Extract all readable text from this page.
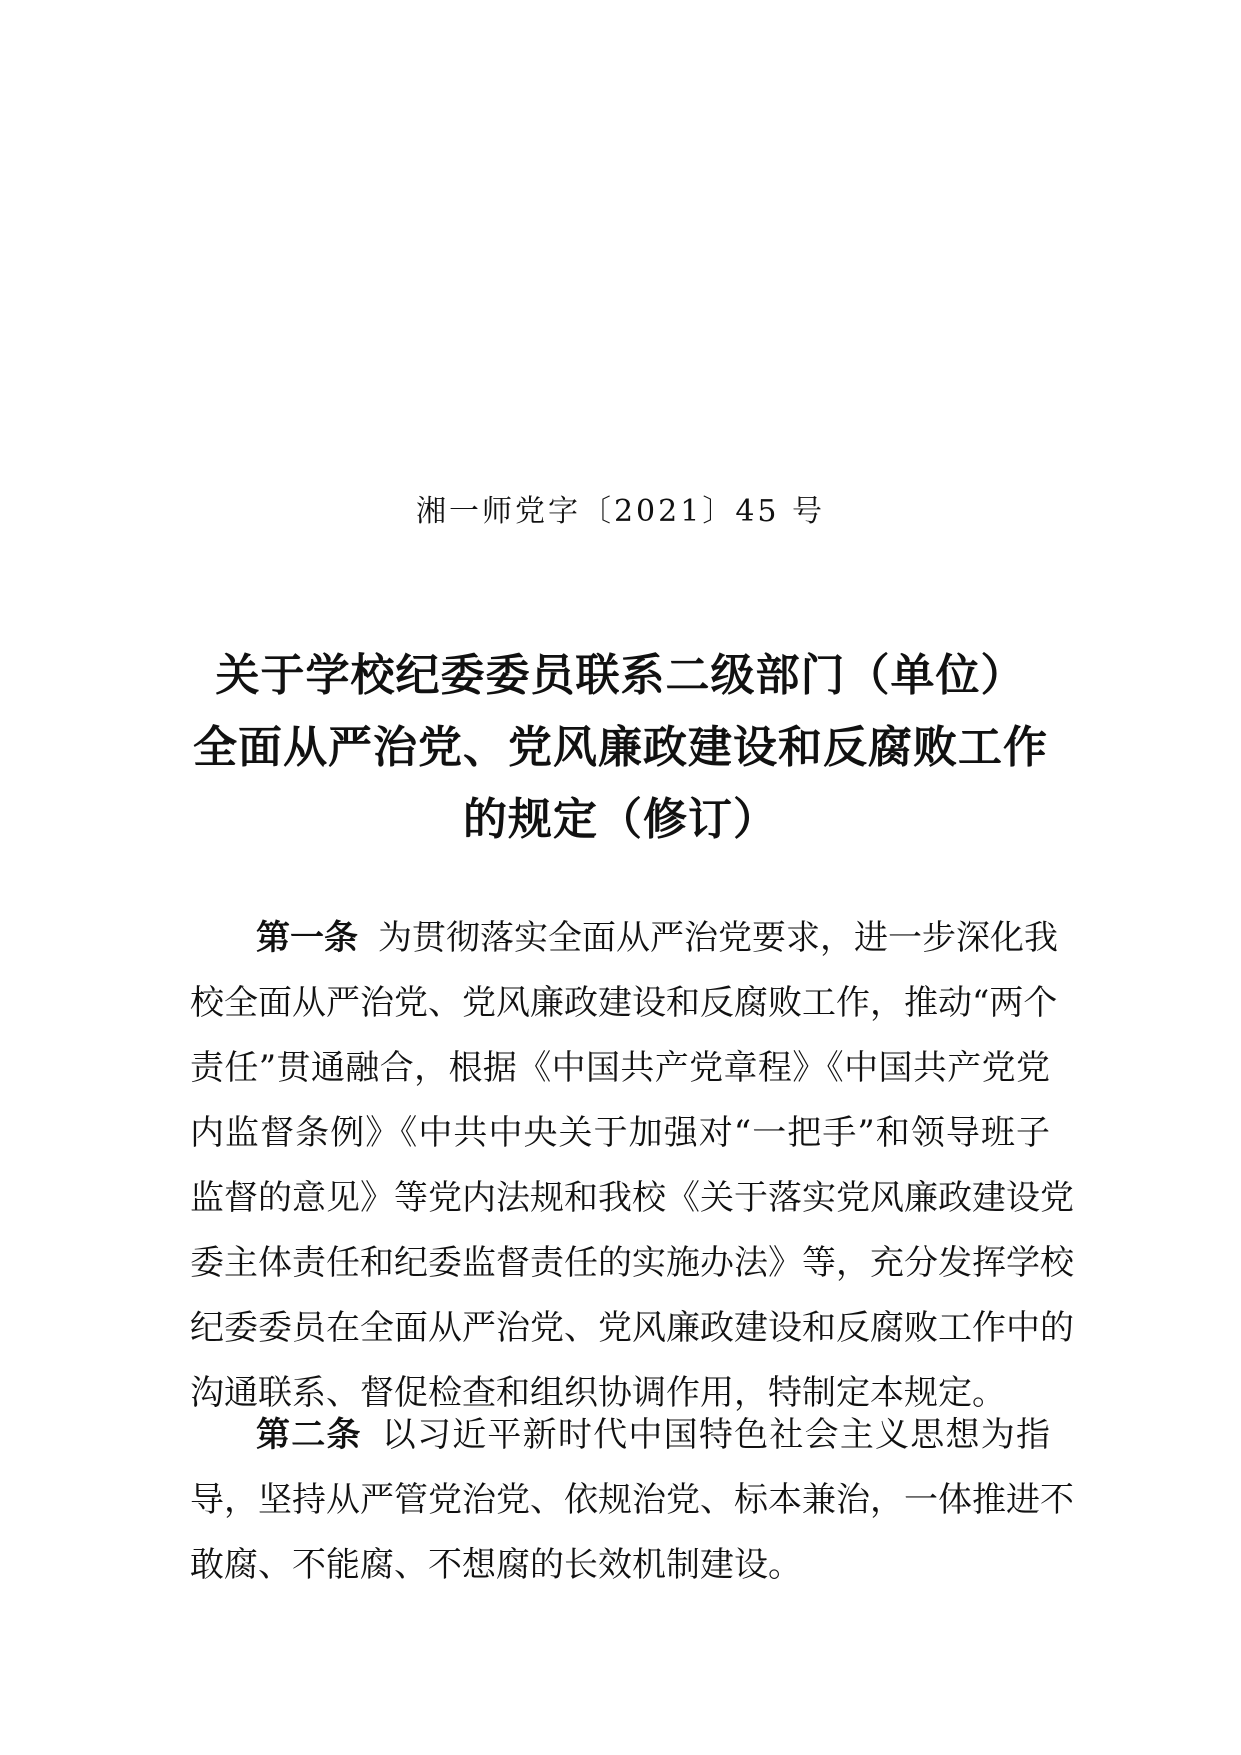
湘一师党字〔2021〕45 号
关于学校纪委委员联系二级部门（单位）
全面从严治党、党风廉政建设和反腐败工作
的规定（修订）
第一条 为贯彻落实全面从严治党要求，进一步深化我
校全面从严治党、党风廉政建设和反腐败工作，推动“两个
责任”贯通融合，根据《中国共产党章程》《中国共产党党
内监督条例》《中共中央关于加强对“一把手”和领导班子
监督的意见》等党内法规和我校《关于落实党风廉政建设党
委主体责任和纪委监督责任的实施办法》等，充分发挥学校
纪委委员在全面从严治党、党风廉政建设和反腐败工作中的
沟通联系、督促检查和组织协调作用，特制定本规定。
第二条 以习近平新时代中国特色社会主义思想为指
导，坚持从严管党治党、依规治党、标本兼治，一体推进不
敢腐、不能腐、不想腐的长效机制建设。
